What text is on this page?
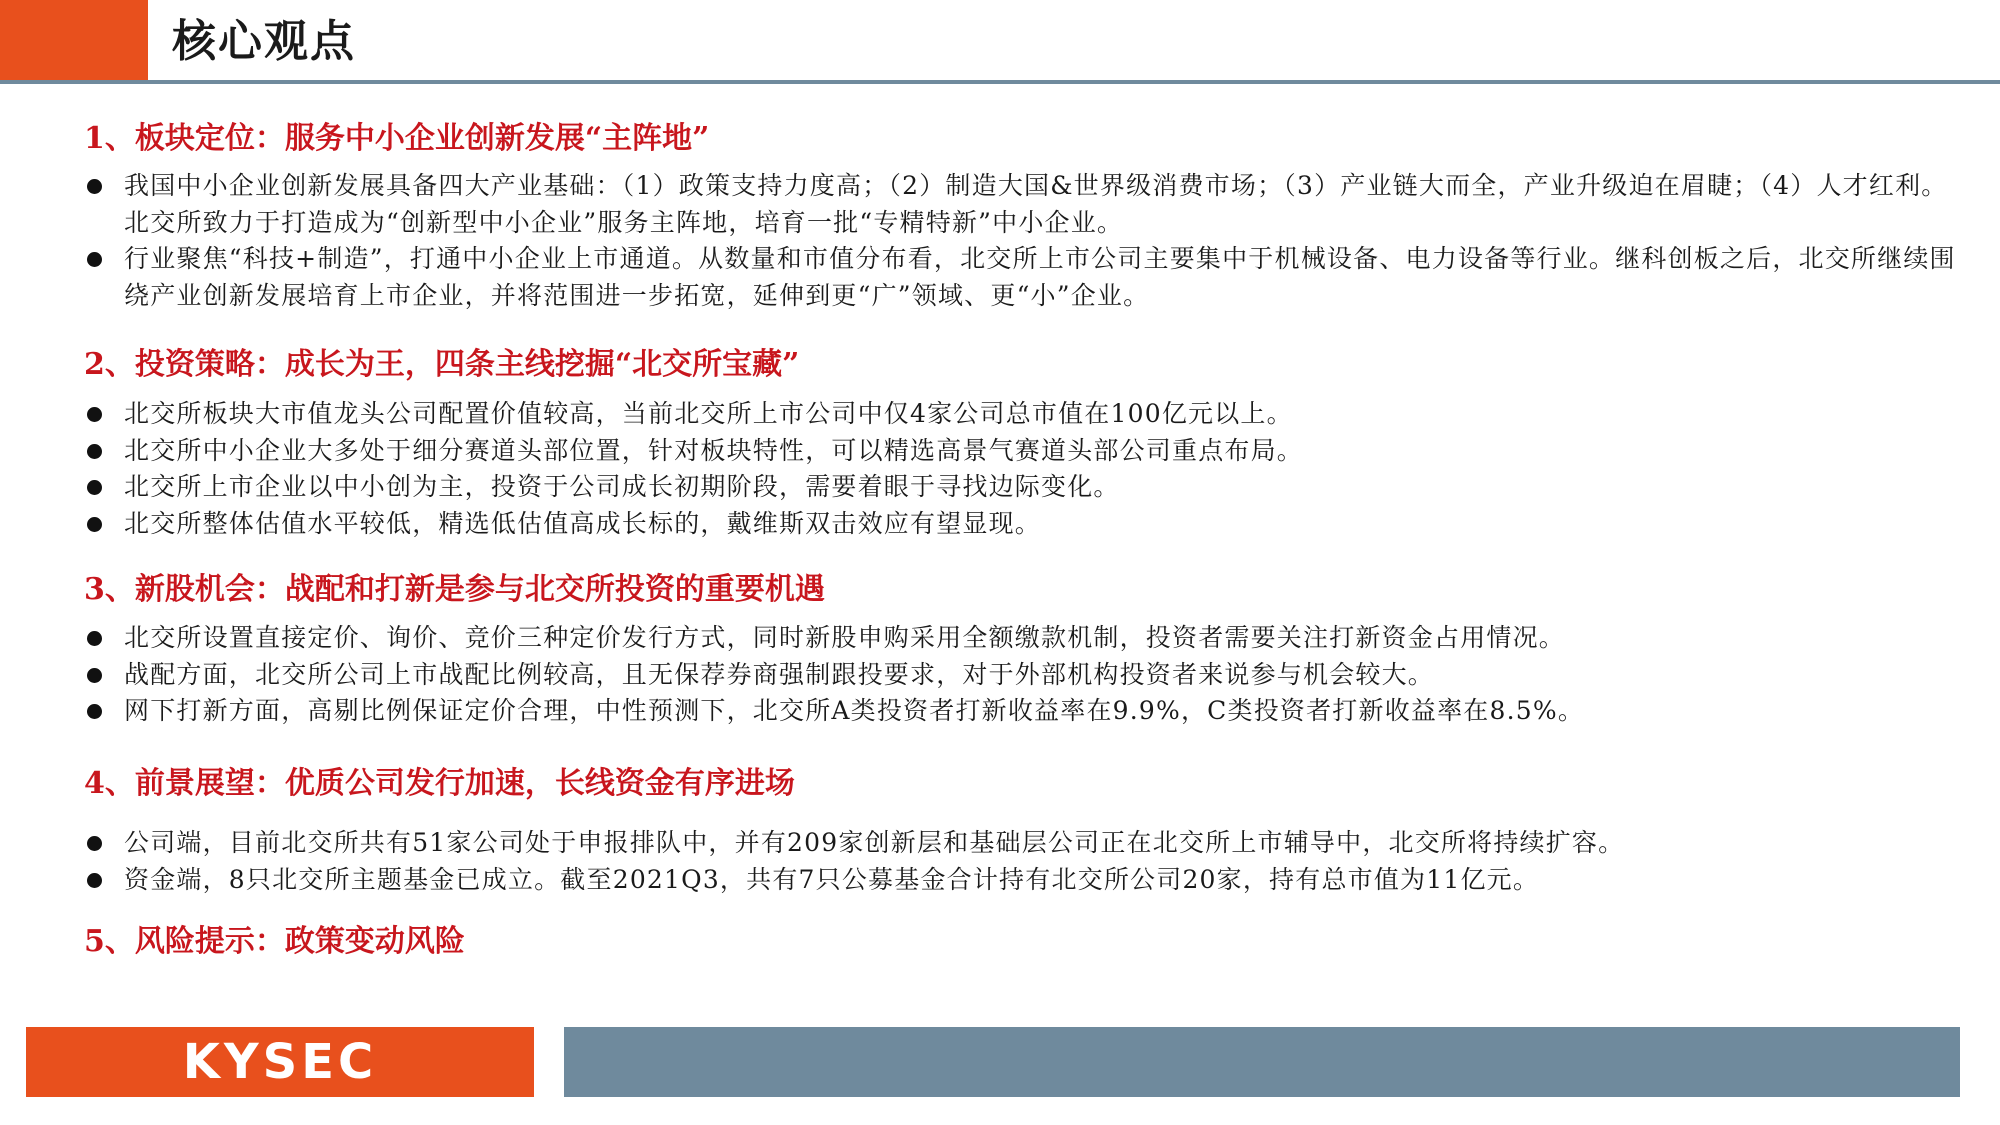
核心观点
1、板块定位：服务中小企业创新发展“主阵地”
我国中小企业创新发展具备四大产业基础：（1）政策支持力度高；（2）制造大国&世界级消费市场；（3）产业链大而全，产业升级迫在眉睫；（4）人才红利。北交所致力于打造成为“创新型中小企业”服务主阵地，培育一批“专精特新”中小企业。
行业聚焦“科技+制造”，打通中小企业上市通道。从数量和市值分布看，北交所上市公司主要集中于机械设备、电力设备等行业。继科创板之后，北交所继续围绕产业创新发展培育上市企业，并将范围进一步拓宽，延伸到更“广”领域、更“小”企业。
2、投资策略：成长为王，四条主线挖掘“北交所宝藏”
北交所板块大市值龙头公司配置价值较高，当前北交所上市公司中仅4家公司总市值在100亿元以上。
北交所中小企业大多处于细分赛道头部位置，针对板块特性，可以精选高景气赛道头部公司重点布局。
北交所上市企业以中小创为主，投资于公司成长初期阶段，需要着眼于寻找边际变化。
北交所整体估值水平较低，精选低估值高成长标的，戴维斯双击效应有望显现。
3、新股机会：战配和打新是参与北交所投资的重要机遇
北交所设置直接定价、询价、竞价三种定价发行方式，同时新股申购采用全额缴款机制，投资者需要关注打新资金占用情况。
战配方面，北交所公司上市战配比例较高，且无保荐券商强制跟投要求，对于外部机构投资者来说参与机会较大。
网下打新方面，高剔比例保证定价合理，中性预测下，北交所A类投资者打新收益率在9.9%，C类投资者打新收益率在8.5%。
4、前景展望：优质公司发行加速，长线资金有序进场
公司端，目前北交所共有51家公司处于申报排队中，并有209家创新层和基础层公司正在北交所上市辅导中，北交所将持续扩容。
资金端，8只北交所主题基金已成立。截至2021Q3，共有7只公募基金合计持有北交所公司20家，持有总市值为11亿元。
5、风险提示：政策变动风险
KYSEC
